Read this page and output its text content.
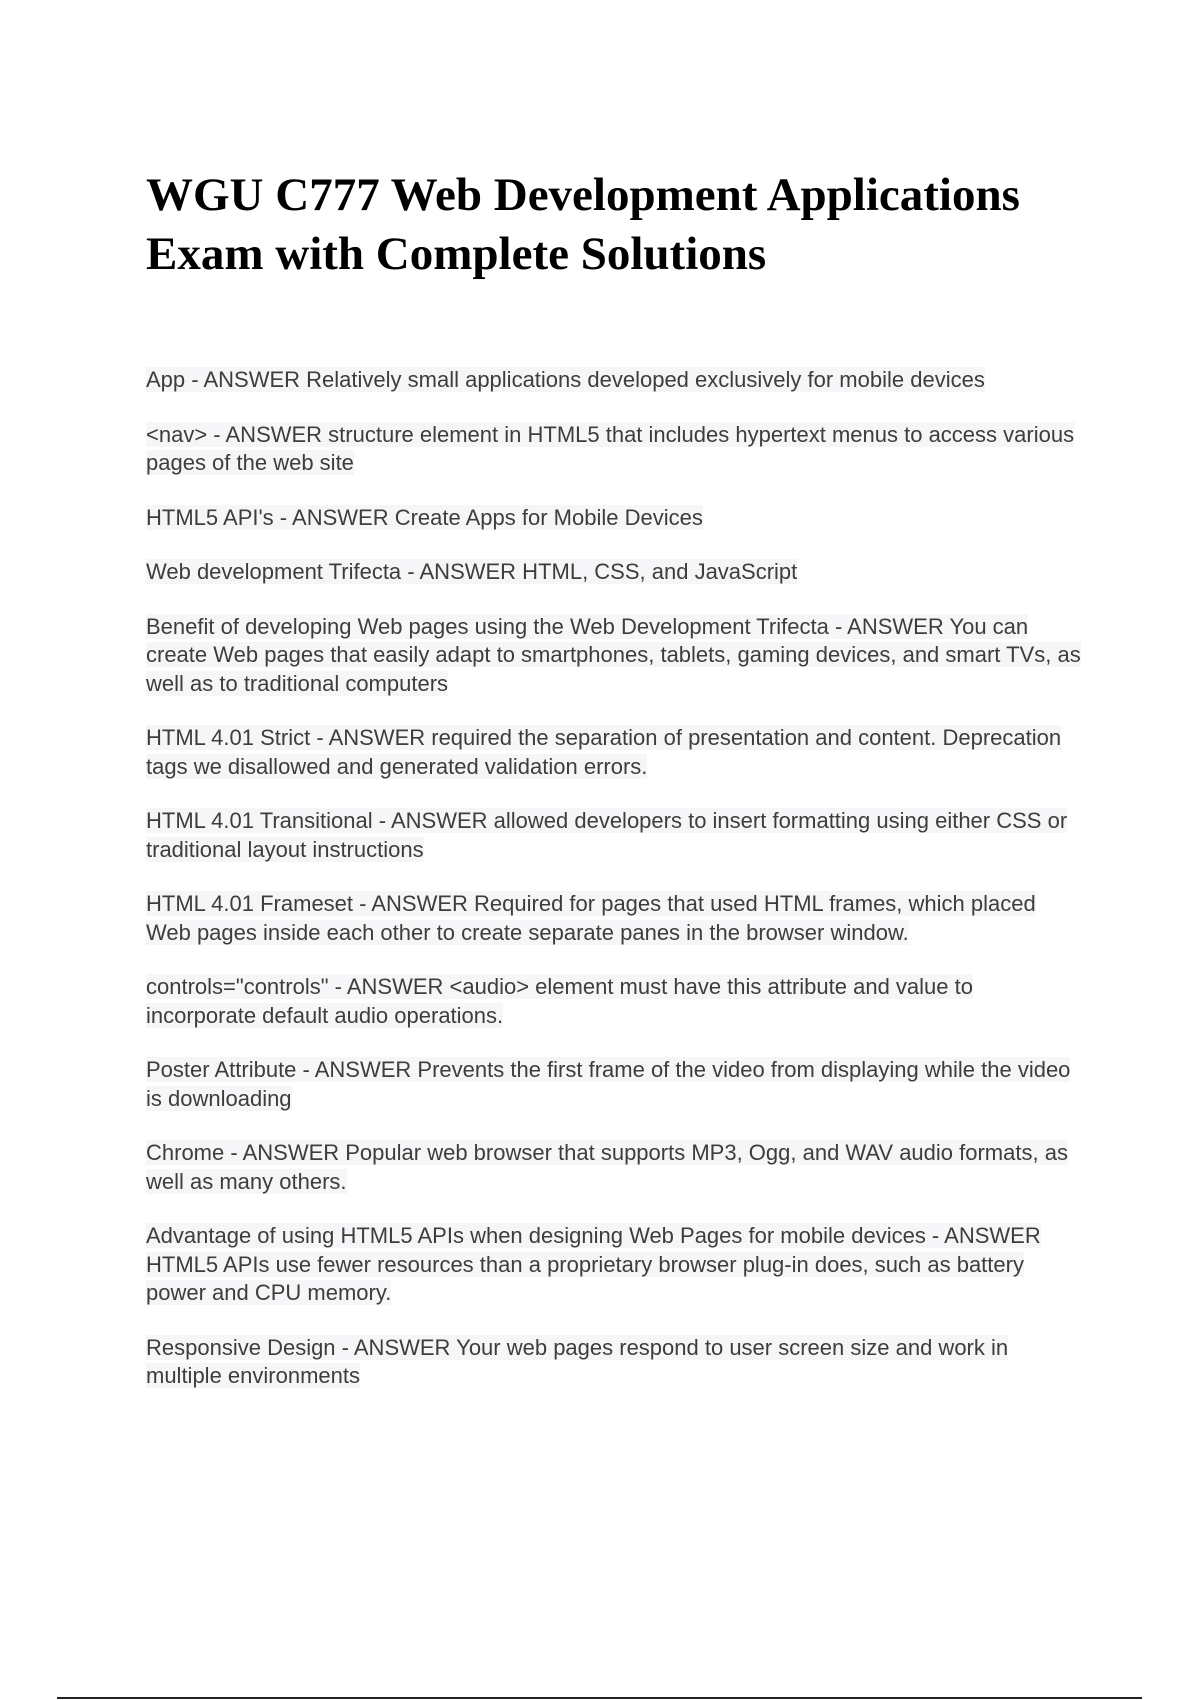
WGU C777 Web Development Applications
Exam with Complete Solutions

App - ANSWER Relatively small applications developed exclusively for mobile devices

<nav> - ANSWER structure element in HTML5 that includes hypertext menus to access various pages of the web site

HTML5 API's - ANSWER Create Apps for Mobile Devices

Web development Trifecta - ANSWER HTML, CSS, and JavaScript

Benefit of developing Web pages using the Web Development Trifecta - ANSWER You can create Web pages that easily adapt to smartphones, tablets, gaming devices, and smart TVs, as well as to traditional computers

HTML 4.01 Strict - ANSWER required the separation of presentation and content. Deprecation tags we disallowed and generated validation errors.

HTML 4.01 Transitional - ANSWER allowed developers to insert formatting using either CSS or traditional layout instructions

HTML 4.01 Frameset - ANSWER Required for pages that used HTML frames, which placed Web pages inside each other to create separate panes in the browser window.

controls="controls" - ANSWER <audio> element must have this attribute and value to incorporate default audio operations.

Poster Attribute - ANSWER Prevents the first frame of the video from displaying while the video is downloading

Chrome - ANSWER Popular web browser that supports MP3, Ogg, and WAV audio formats, as well as many others.

Advantage of using HTML5 APIs when designing Web Pages for mobile devices - ANSWER HTML5 APIs use fewer resources than a proprietary browser plug-in does, such as battery power and CPU memory.

Responsive Design - ANSWER Your web pages respond to user screen size and work in multiple environments
